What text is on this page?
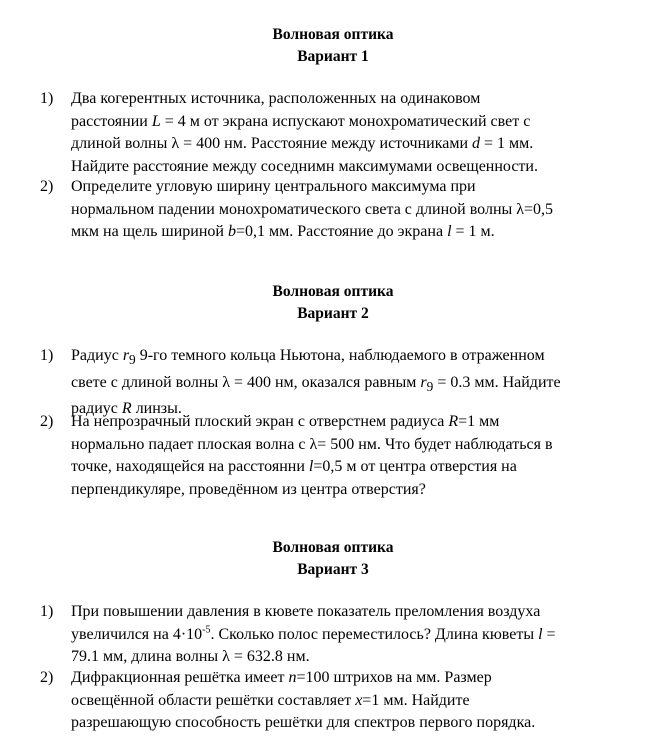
Волновая оптика
Вариант 1
1) Два когерентных источника, расположенных на одинаковом
расстоянии L = 4 м от экрана испускают монохроматический свет с
длиной волны λ = 400 нм. Расстояние между источниками d = 1 мм.
Найдите расстояние между соседнимн максимумами освещенности.
2) Определите угловую ширину центрального максимума при
нормальном падении монохроматического света с длиной волны λ=0,5
мкм на щель шириной b=0,1 мм. Расстояние до экрана l = 1 м.
Волновая оптика
Вариант 2
1) Радиус $r_9$ 9-го темного кольца Ньютона, наблюдаемого в отраженном
свете с длиной волны λ = 400 нм, оказался равным $r_9 = 0.3$ мм. Найдите
радиус R линзы.
2) На непрозрачный плоский экран с отверстнем радиуса R=1 мм
нормально падает плоская волна с λ= 500 нм. Что будет наблюдаться в
точке, находящейся на расстоянни l=0,5 м от центра отверстия на
перпендикуляре, проведённом из центра отверстия?
Волновая оптика
Вариант 3
1) При повышении давления в кювете показатель преломления воздуха
увеличился на $4\cdot 10^{-5}$. Сколько полос переместилось? Длина кюветы l =
79.1 мм, длина волны λ = 632.8 нм.
2) Дифракционная решётка имеет n=100 штрихов на мм. Размер
освещённой области решётки составляет x=1 мм. Найдите
разрешающую способность решётки для спектров первого порядка.
